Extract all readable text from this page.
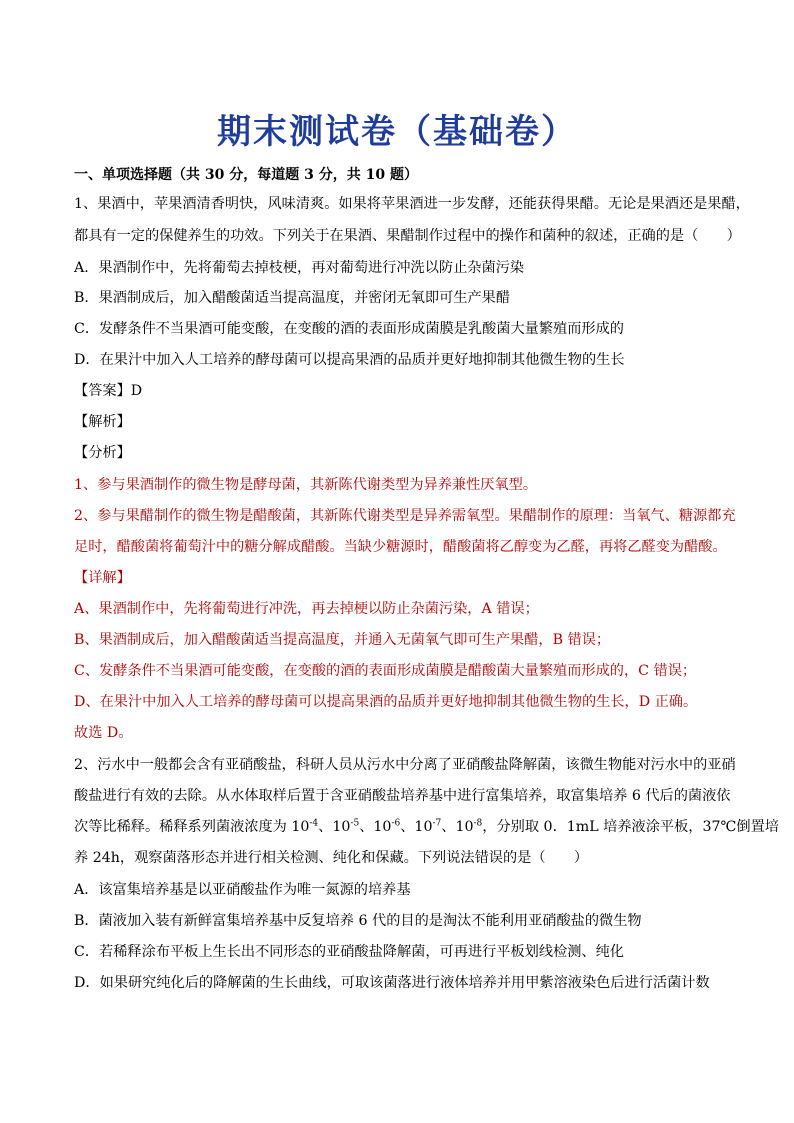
期末测试卷（基础卷）
一、单项选择题（共 30 分，每道题 3 分，共 10 题）
1、果酒中，苹果酒清香明快，风味清爽。如果将苹果酒进一步发酵，还能获得果醋。无论是果酒还是果醋，
都具有一定的保健养生的功效。下列关于在果酒、果醋制作过程中的操作和菌种的叙述，正确的是（　　）
A．果酒制作中，先将葡萄去掉枝梗，再对葡萄进行冲洗以防止杂菌污染
B．果酒制成后，加入醋酸菌适当提高温度，并密闭无氧即可生产果醋
C．发酵条件不当果酒可能变酸，在变酸的酒的表面形成菌膜是乳酸菌大量繁殖而形成的
D．在果汁中加入人工培养的酵母菌可以提高果酒的品质并更好地抑制其他微生物的生长
【答案】D
【解析】
【分析】
1、参与果酒制作的微生物是酵母菌，其新陈代谢类型为异养兼性厌氧型。
2、参与果醋制作的微生物是醋酸菌，其新陈代谢类型是异养需氧型。果醋制作的原理：当氧气、糖源都充
足时，醋酸菌将葡萄汁中的糖分解成醋酸。当缺少糖源时，醋酸菌将乙醇变为乙醛，再将乙醛变为醋酸。
【详解】
A、果酒制作中，先将葡萄进行冲洗，再去掉梗以防止杂菌污染，A 错误；
B、果酒制成后，加入醋酸菌适当提高温度，并通入无菌氧气即可生产果醋，B 错误；
C、发酵条件不当果酒可能变酸，在变酸的酒的表面形成菌膜是醋酸菌大量繁殖而形成的，C 错误；
D、在果汁中加入人工培养的酵母菌可以提高果酒的品质并更好地抑制其他微生物的生长，D 正确。
故选 D。
2、污水中一般都会含有亚硝酸盐，科研人员从污水中分离了亚硝酸盐降解菌，该微生物能对污水中的亚硝
酸盐进行有效的去除。从水体取样后置于含亚硝酸盐培养基中进行富集培养，取富集培养 6 代后的菌液依
次等比稀释。稀释系列菌液浓度为 $10^{-4}$、$10^{-5}$、$10^{-6}$、$10^{-7}$、$10^{-8}$，分别取 0．1mL 培养液涂平板，37℃倒置培
养 24h，观察菌落形态并进行相关检测、纯化和保藏。下列说法错误的是（　　）
A．该富集培养基是以亚硝酸盐作为唯一氮源的培养基
B．菌液加入装有新鲜富集培养基中反复培养 6 代的目的是淘汰不能利用亚硝酸盐的微生物
C．若稀释涂布平板上生长出不同形态的亚硝酸盐降解菌，可再进行平板划线检测、纯化
D．如果研究纯化后的降解菌的生长曲线，可取该菌落进行液体培养并用甲紫溶液染色后进行活菌计数
